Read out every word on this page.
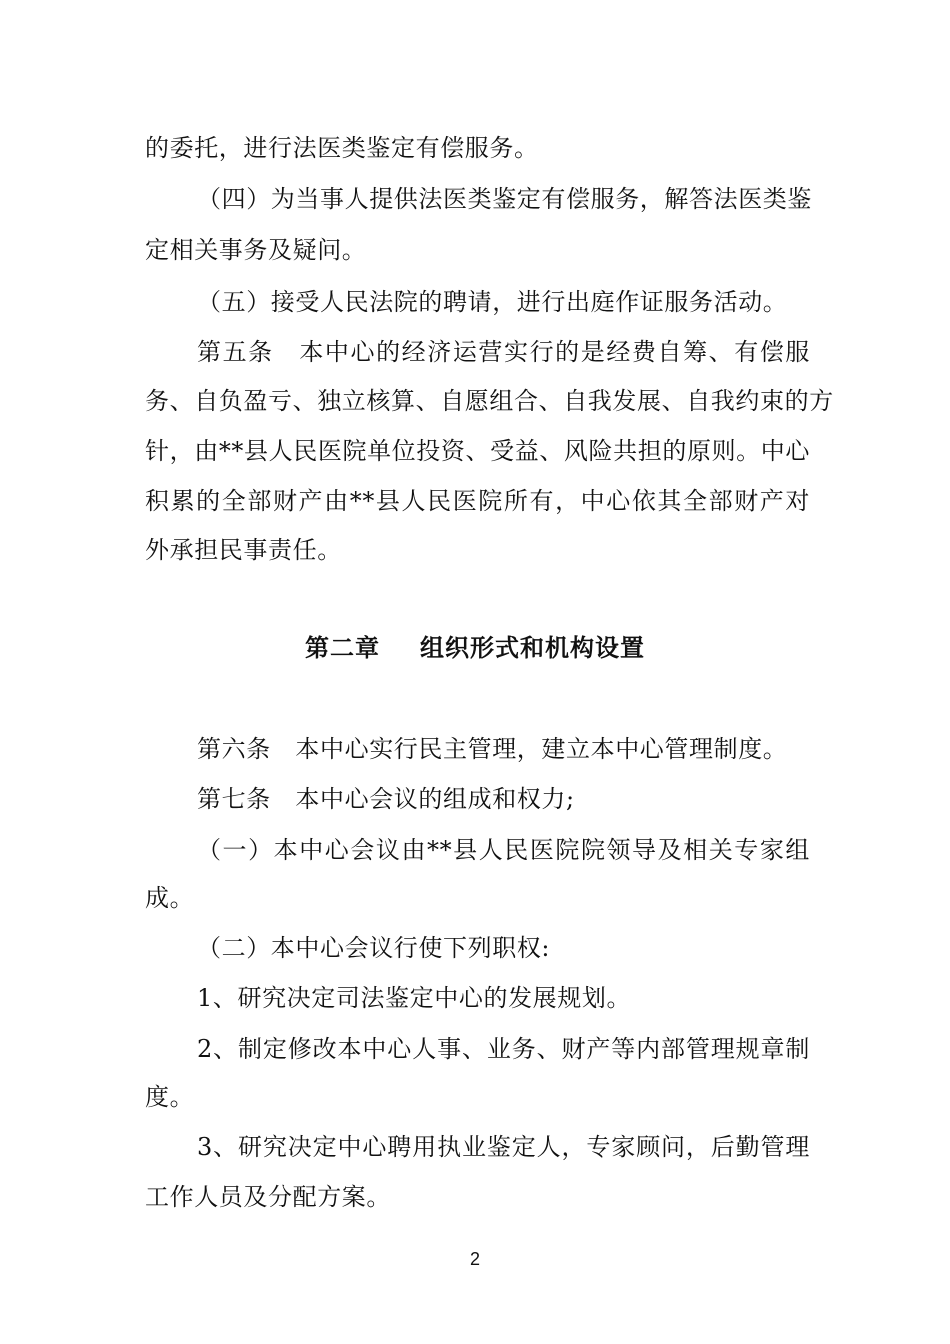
的委托，进行法医类鉴定有偿服务。
（四）为当事人提供法医类鉴定有偿服务，解答法医类鉴
定相关事务及疑问。
（五）接受人民法院的聘请，进行出庭作证服务活动。
第五条　本中心的经济运营实行的是经费自筹、有偿服
务、自负盈亏、独立核算、自愿组合、自我发展、自我约束的方
针，由**县人民医院单位投资、受益、风险共担的原则。中心
积累的全部财产由**县人民医院所有，中心依其全部财产对
外承担民事责任。
第二章 组织形式和机构设置
第六条　本中心实行民主管理，建立本中心管理制度。
第七条　本中心会议的组成和权力;
（一）本中心会议由**县人民医院院领导及相关专家组
成。
（二）本中心会议行使下列职权:
1、研究决定司法鉴定中心的发展规划。
2、制定修改本中心人事、业务、财产等内部管理规章制
度。
3、研究决定中心聘用执业鉴定人，专家顾问，后勤管理
工作人员及分配方案。
2
